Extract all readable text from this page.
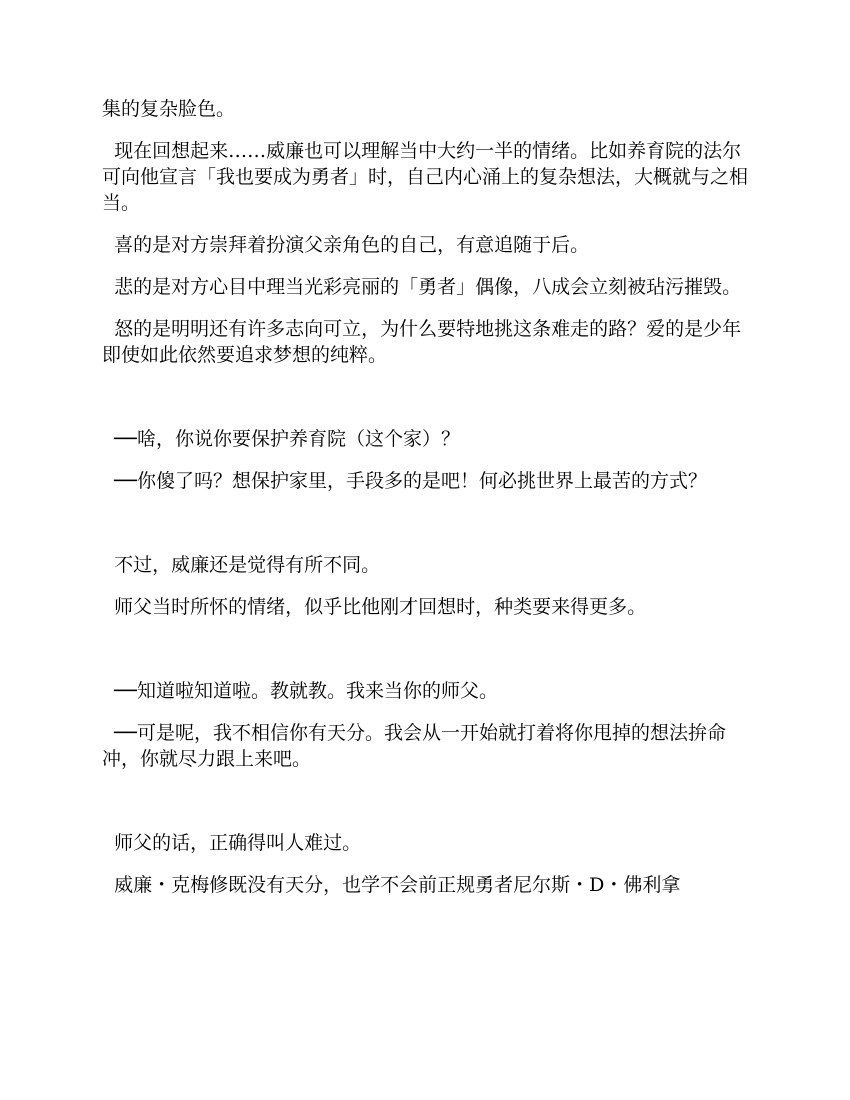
集的复杂脸色。

现在回想起来……威廉也可以理解当中大约一半的情绪。比如养育院的法尔可向他宣言「我也要成为勇者」时，自己内心涌上的复杂想法，大概就与之相当。

喜的是对方崇拜着扮演父亲角色的自己，有意追随于后。

悲的是对方心目中理当光彩亮丽的「勇者」偶像，八成会立刻被玷污摧毁。

怒的是明明还有许多志向可立，为什么要特地挑这条难走的路？爱的是少年即使如此依然要追求梦想的纯粹。

──啥，你说你要保护养育院（这个家）？

──你傻了吗？想保护家里，手段多的是吧！何必挑世界上最苦的方式？

不过，威廉还是觉得有所不同。

师父当时所怀的情绪，似乎比他刚才回想时，种类要来得更多。

──知道啦知道啦。教就教。我来当你的师父。

──可是呢，我不相信你有天分。我会从一开始就打着将你甩掉的想法拚命冲，你就尽力跟上来吧。

师父的话，正确得叫人难过。

威廉・克梅修既没有天分，也学不会前正规勇者尼尔斯・D・佛利拿
